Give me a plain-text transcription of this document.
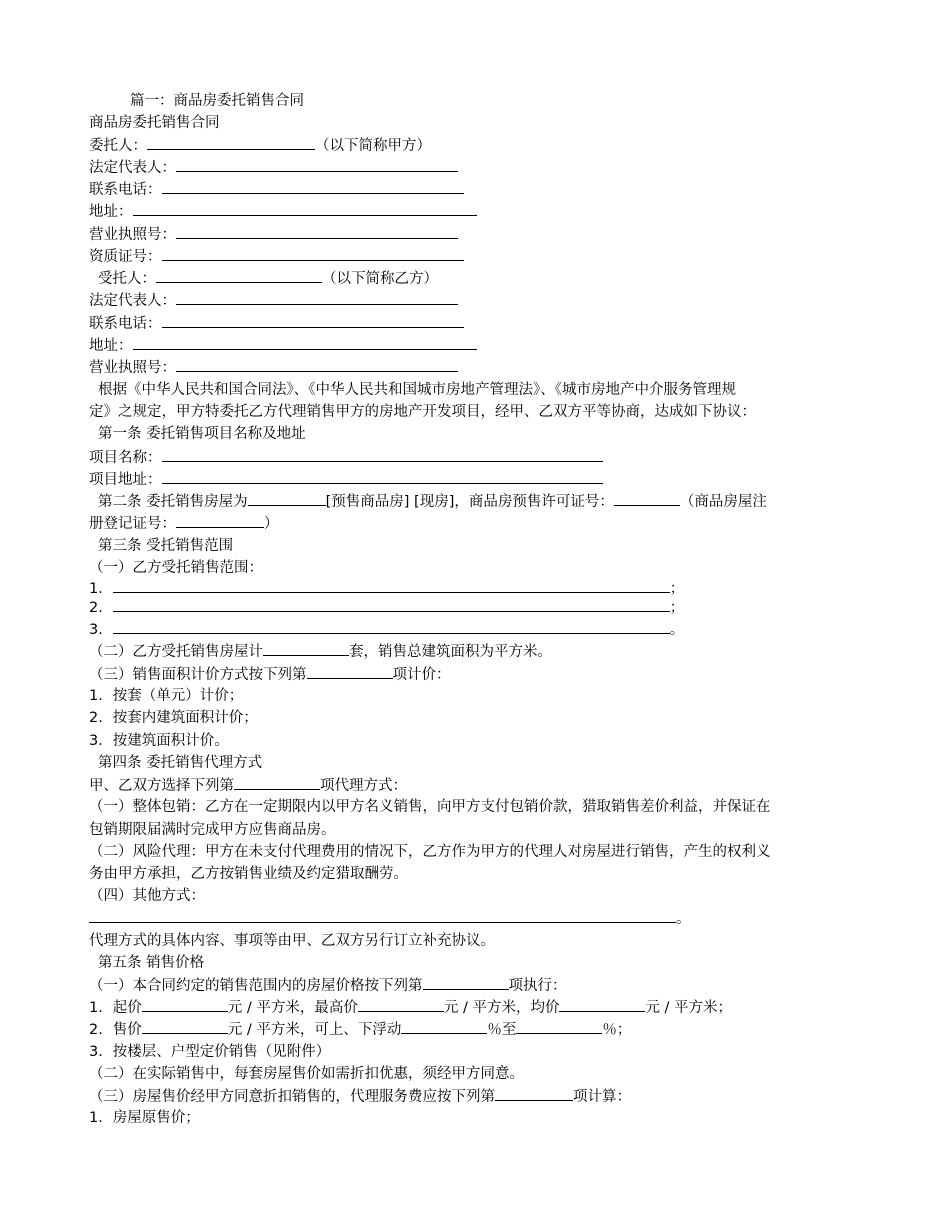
篇一：商品房委托销售合同
商品房委托销售合同
委托人：	（以下简称甲方）
法定代表人：
联系电话：
地址：
营业执照号：
资质证号：
受托人：	（以下简称乙方）
法定代表人：
联系电话：
地址：
营业执照号：
根据《中华人民共和国合同法》、《中华人民共和国城市房地产管理法》、《城市房地产中介服务管理规
定》之规定，甲方特委托乙方代理销售甲方的房地产开发项目，经甲、乙双方平等协商，达成如下协议：
第一条 委托销售项目名称及地址
项目名称：
项目地址：
第二条 委托销售房屋为	[预售商品房] [现房]，商品房预售许可证号：	（商品房屋注
册登记证号：	）
第三条 受托销售范围
（一）乙方受托销售范围：
1．	；
2．	；
3．	。
（二）乙方受托销售房屋计	套，销售总建筑面积为平方米。
（三）销售面积计价方式按下列第	项计价：
1．按套（单元）计价；
2．按套内建筑面积计价；
3．按建筑面积计价。
第四条 委托销售代理方式
甲、乙双方选择下列第	项代理方式：
（一）整体包销：乙方在一定期限内以甲方名义销售，向甲方支付包销价款，猎取销售差价利益，并保证在
包销期限届满时完成甲方应售商品房。
（二）风险代理：甲方在未支付代理费用的情况下，乙方作为甲方的代理人对房屋进行销售，产生的权利义
务由甲方承担，乙方按销售业绩及约定猎取酬劳。
（四）其他方式：
。
代理方式的具体内容、事项等由甲、乙双方另行订立补充协议。
第五条 销售价格
（一）本合同约定的销售范围内的房屋价格按下列第	项执行：
1．起价	元 / 平方米，最高价	元 / 平方米，均价	元 / 平方米；
2．售价	元 / 平方米，可上、下浮动	％至	％；
3．按楼层、户型定价销售（见附件）
（二）在实际销售中，每套房屋售价如需折扣优惠，须经甲方同意。
（三）房屋售价经甲方同意折扣销售的，代理服务费应按下列第	项计算：
1．房屋原售价；
